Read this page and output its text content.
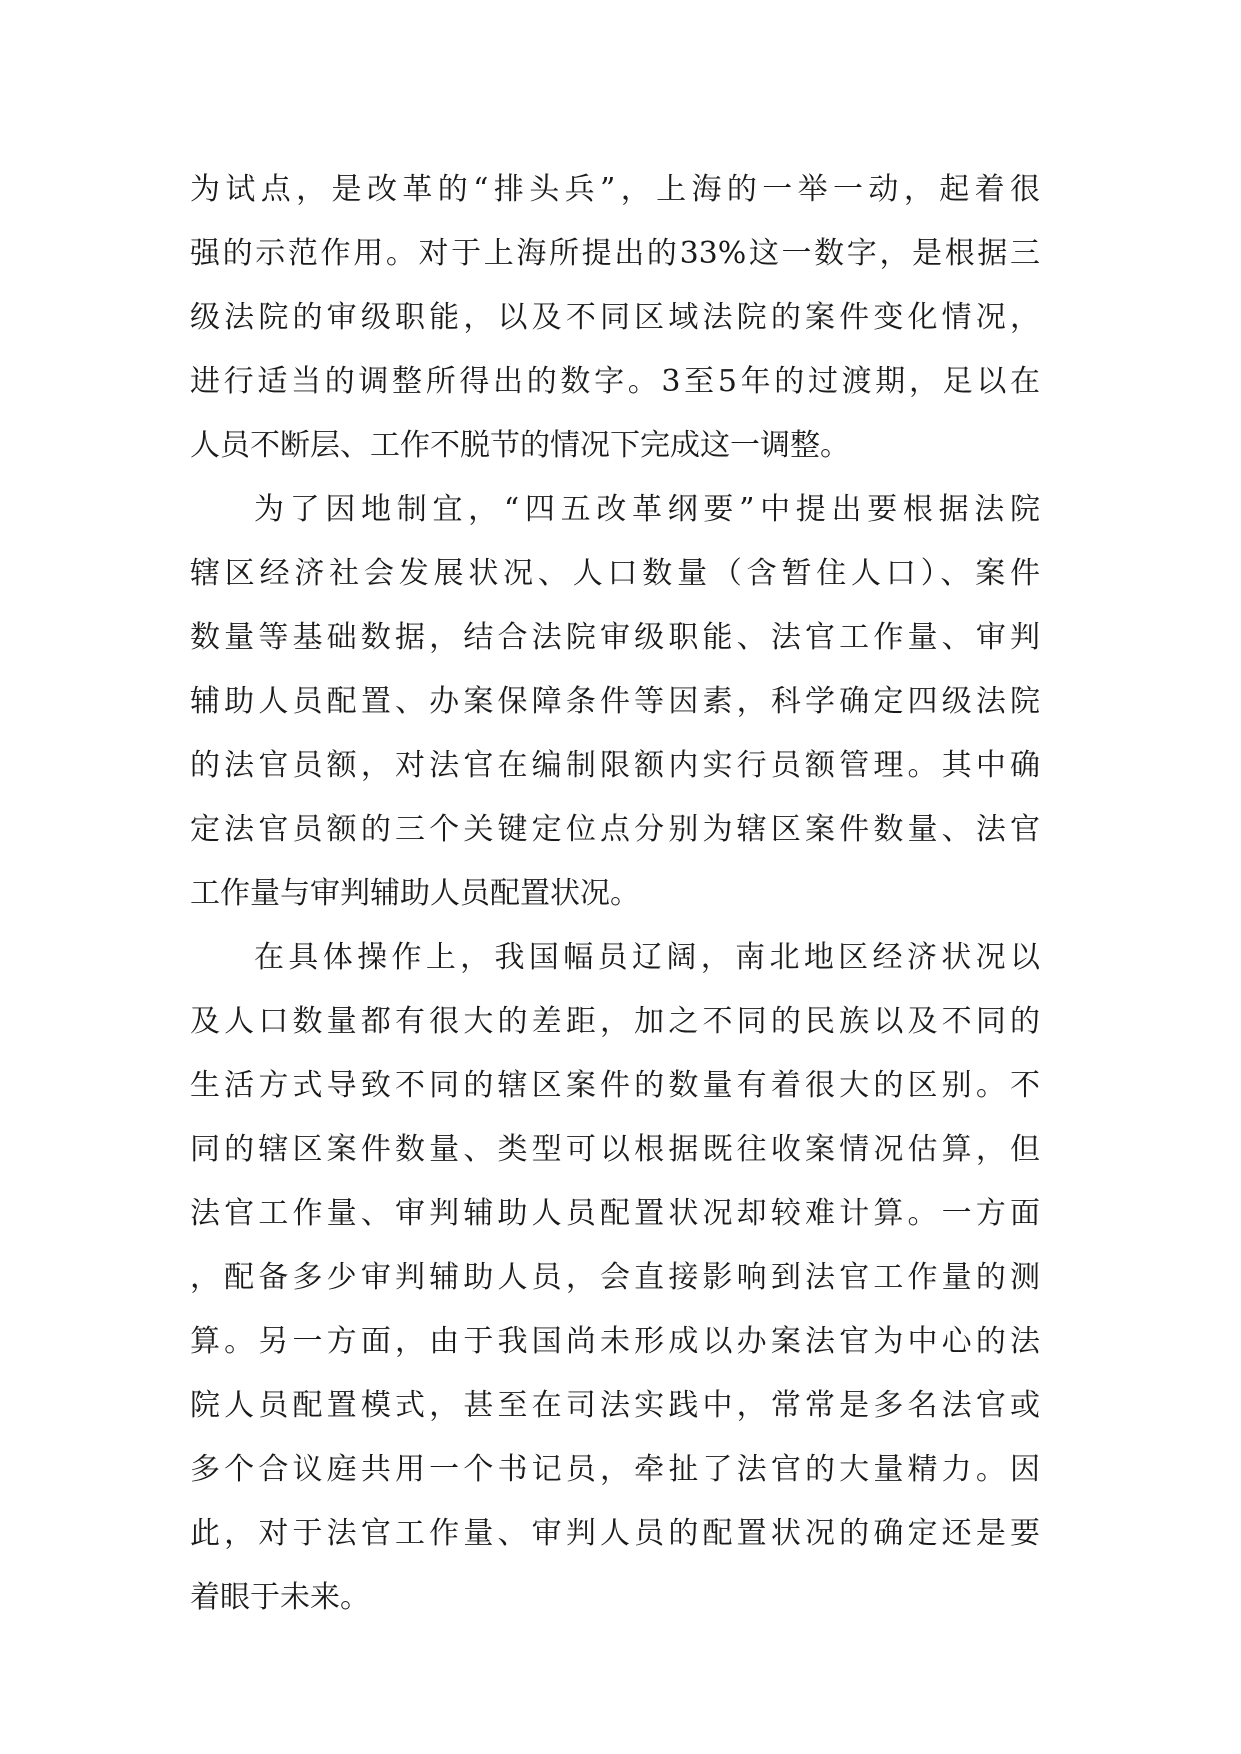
为试点，是改革的“排头兵”，上海的一举一动，起着很
强的示范作用。对于上海所提出的33%这一数字，是根据三
级法院的审级职能，以及不同区域法院的案件变化情况，
进行适当的调整所得出的数字。3至5年的过渡期，足以在
人员不断层、工作不脱节的情况下完成这一调整。
为了因地制宜，“四五改革纲要”中提出要根据法院
辖区经济社会发展状况、人口数量（含暂住人口）、案件
数量等基础数据，结合法院审级职能、法官工作量、审判
辅助人员配置、办案保障条件等因素，科学确定四级法院
的法官员额，对法官在编制限额内实行员额管理。其中确
定法官员额的三个关键定位点分别为辖区案件数量、法官
工作量与审判辅助人员配置状况。
在具体操作上，我国幅员辽阔，南北地区经济状况以
及人口数量都有很大的差距，加之不同的民族以及不同的
生活方式导致不同的辖区案件的数量有着很大的区别。不
同的辖区案件数量、类型可以根据既往收案情况估算，但
法官工作量、审判辅助人员配置状况却较难计算。一方面
，配备多少审判辅助人员，会直接影响到法官工作量的测
算。另一方面，由于我国尚未形成以办案法官为中心的法
院人员配置模式，甚至在司法实践中，常常是多名法官或
多个合议庭共用一个书记员，牵扯了法官的大量精力。因
此，对于法官工作量、审判人员的配置状况的确定还是要
着眼于未来。
